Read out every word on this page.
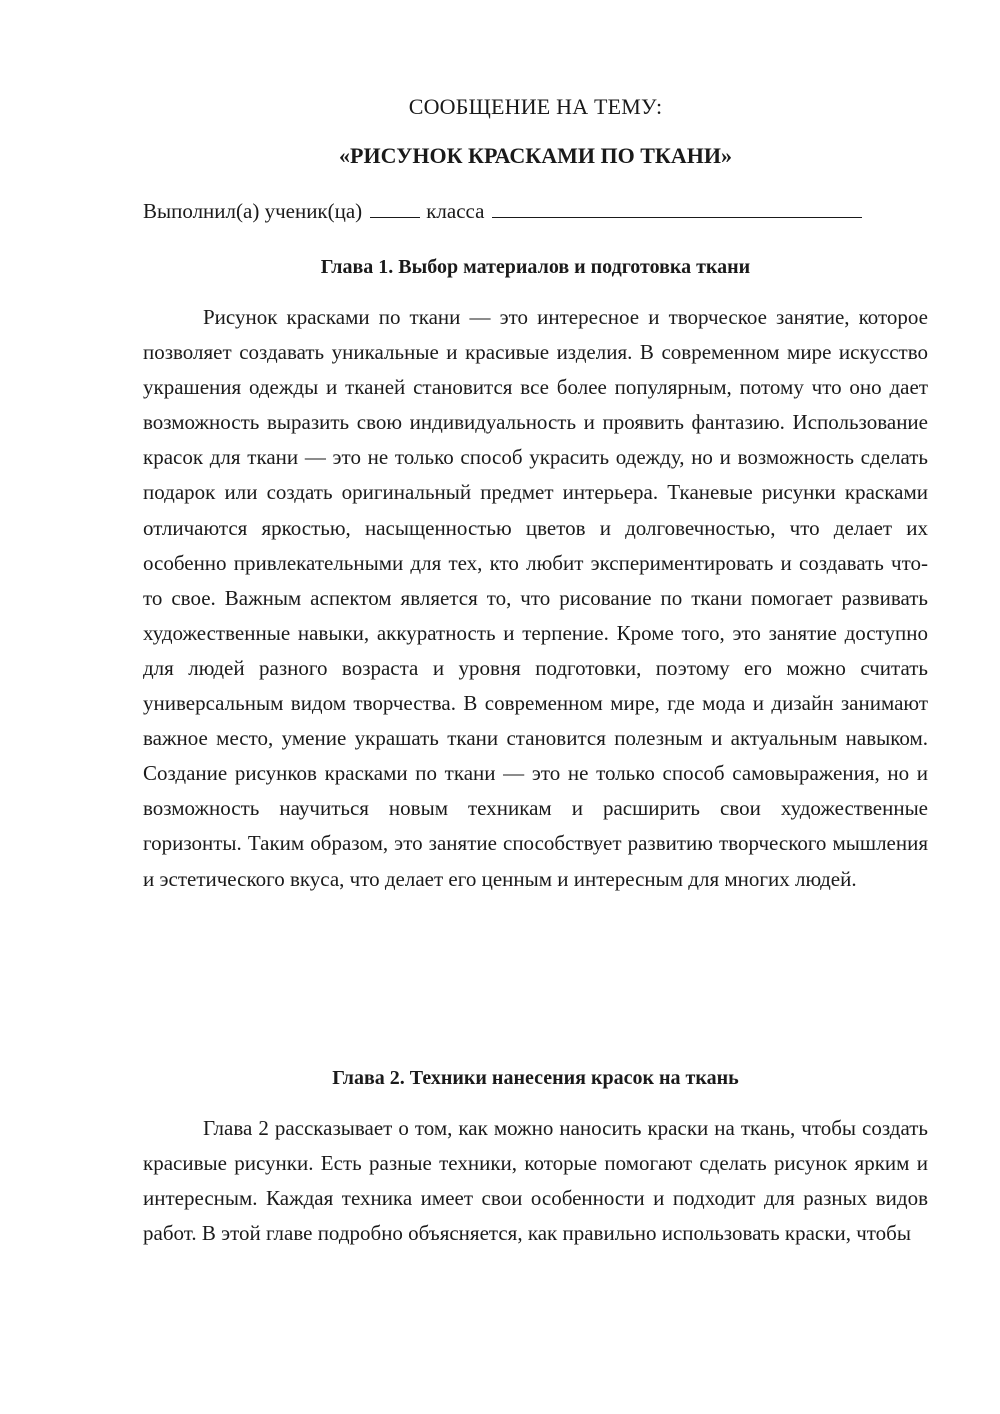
СООБЩЕНИЕ НА ТЕМУ:
«РИСУНОК КРАСКАМИ ПО ТКАНИ»
Выполнил(а) ученик(ца)	класса
Глава 1. Выбор материалов и подготовка ткани

Рисунок красками по ткани — это интересное и творческое занятие, которое позволяет создавать уникальные и красивые изделия. В современном мире искусство украшения одежды и тканей становится все более популярным, потому что оно дает возможность выразить свою индивидуальность и проявить фантазию. Использование красок для ткани — это не только способ украсить одежду, но и возможность сделать подарок или создать оригинальный предмет интерьера. Тканевые рисунки красками отличаются яркостью, насыщенностью цветов и долговечностью, что делает их особенно привлекательными для тех, кто любит экспериментировать и создавать что-то свое. Важным аспектом является то, что рисование по ткани помогает развивать художественные навыки, аккуратность и терпение. Кроме того, это занятие доступно для людей разного возраста и уровня подготовки, поэтому его можно считать универсальным видом творчества. В современном мире, где мода и дизайн занимают важное место, умение украшать ткани становится полезным и актуальным навыком. Создание рисунков красками по ткани — это не только способ самовыражения, но и возможность научиться новым техникам и расширить свои художественные горизонты. Таким образом, это занятие способствует развитию творческого мышления и эстетического вкуса, что делает его ценным и интересным для многих людей.

Глава 2. Техники нанесения красок на ткань

Глава 2 рассказывает о том, как можно наносить краски на ткань, чтобы создать красивые рисунки. Есть разные техники, которые помогают сделать рисунок ярким и интересным. Каждая техника имеет свои особенности и подходит для разных видов работ. В этой главе подробно объясняется, как правильно использовать краски, чтобы
